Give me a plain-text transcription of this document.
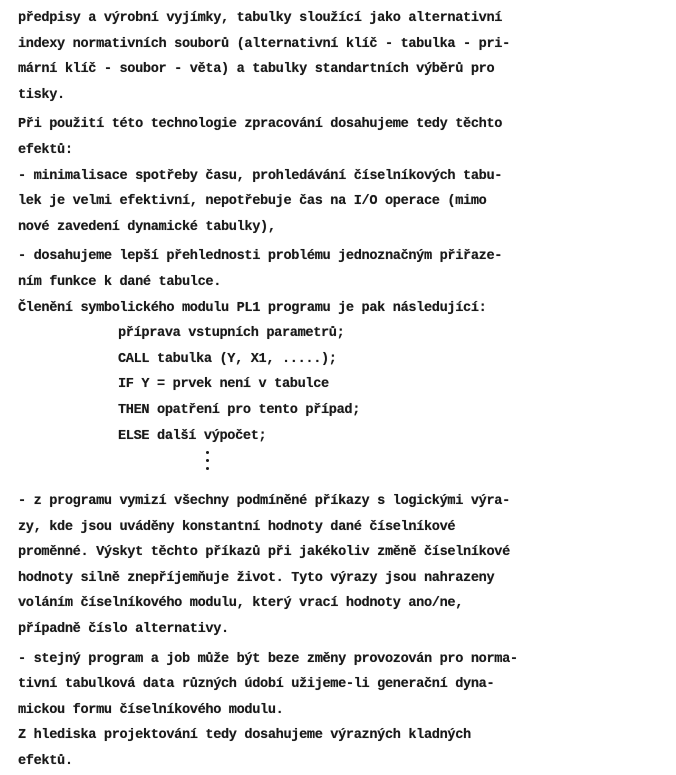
předpisy a výrobní vyjímky, tabulky sloužící jako alternativní
indexy normativních souborů (alternativní klíč - tabulka - pri-
mární klíč - soubor - věta) a tabulky standartních výběrů pro
tisky.
Při použití této technologie zpracování dosahujeme tedy těchto
efektů:
- minimalisace spotřeby času, prohledávání číselníkových tabu-
lek je velmi efektivní, nepotřebuje čas na I/O operace (mimo
nové zavedení dynamické tabulky),
- dosahujeme lepší přehlednosti problému jednoznačným přiřaze-
ním funkce k dané tabulce.
Členění symbolického modulu PL1 programu je pak následující:
příprava vstupních parametrů;
CALL tabulka (Y, X1, .....);
IF Y = prvek není v tabulce
THEN opatření pro tento případ;
ELSE další výpočet;
- z programu vymizí všechny podmíněné příkazy s logickými výra-
zy, kde jsou uváděny konstantní hodnoty dané číselníkové
proměnné. Výskyt těchto příkazů při jakékoliv změně číselníkové
hodnoty silně znepříjemňuje život. Tyto výrazy jsou nahrazeny
voláním číselníkového modulu, který vrací hodnoty ano/ne,
případně číslo alternativy.
- stejný program a job může být beze změny provozován pro norma-
tivní tabulková data různých údobí užijeme-li generační dyna-
mickou formu číselníkového modulu.
Z hlediska projektování tedy dosahujeme výrazných kladných
efektů.
